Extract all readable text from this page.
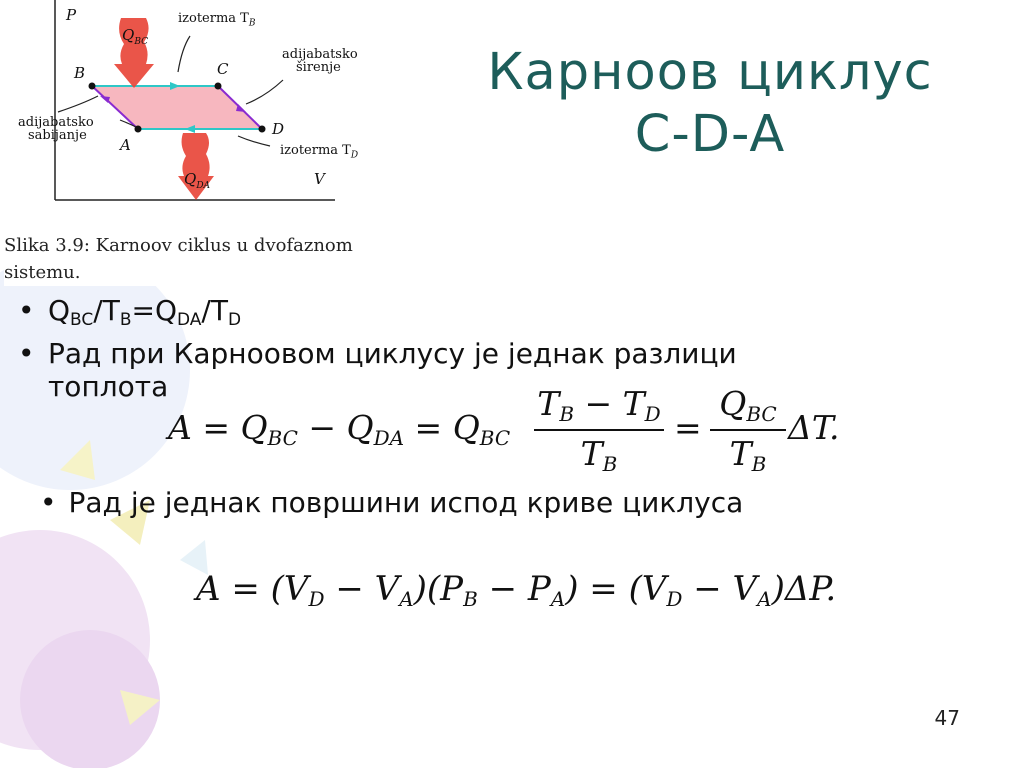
P
V
B	C
D
A
$Q_{BC}$
$Q_{DA}$
izoterma $T_B$
adijabatsko
širenje
adijabatsko
sabijanje
izoterma $T_D$
Slika 3.9: Karnoov ciklus u dvofaznom
sistemu.
Карноов циклус
C-D-A
• $Q_{BC}/T_B=Q_{DA}/T_D$
• Рад при Карноовом циклусу је једнак разлици
топлота
$A = Q_{BC} - Q_{DA} = Q_{BC}$
$T_B - T_D$
$T_B$
=
$Q_{BC}$
$T_B$
ΔT.
• Рад је једнак површини испод криве циклуса
$A = (V_D - V_A)(P_B - P_A) = (V_D - V_A)\Delta P$.
47
